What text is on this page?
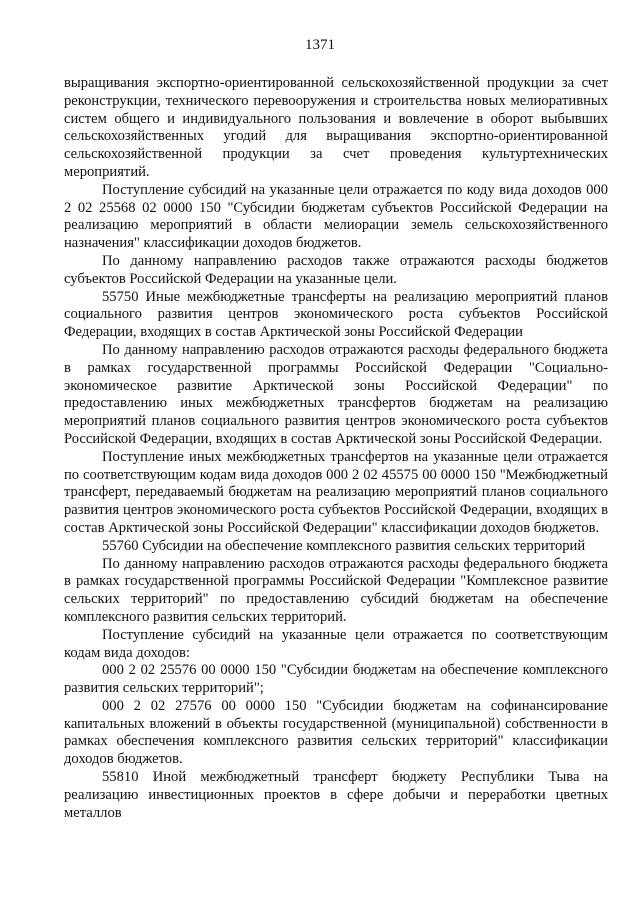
1371

выращивания экспортно-ориентированной сельскохозяйственной продукции за счет реконструкции, технического перевооружения и строительства новых мелиоративных систем общего и индивидуального пользования и вовлечение в оборот выбывших сельскохозяйственных угодий для выращивания экспортно-ориентированной сельскохозяйственной продукции за счет проведения культуртехнических мероприятий.

Поступление субсидий на указанные цели отражается по коду вида доходов 000 2 02 25568 02 0000 150 "Субсидии бюджетам субъектов Российской Федерации на реализацию мероприятий в области мелиорации земель сельскохозяйственного назначения" классификации доходов бюджетов.

По данному направлению расходов также отражаются расходы бюджетов субъектов Российской Федерации на указанные цели.

55750 Иные межбюджетные трансферты на реализацию мероприятий планов социального развития центров экономического роста субъектов Российской Федерации, входящих в состав Арктической зоны Российской Федерации

По данному направлению расходов отражаются расходы федерального бюджета в рамках государственной программы Российской Федерации "Социально-экономическое развитие Арктической зоны Российской Федерации" по предоставлению иных межбюджетных трансфертов бюджетам на реализацию мероприятий планов социального развития центров экономического роста субъектов Российской Федерации, входящих в состав Арктической зоны Российской Федерации.

Поступление иных межбюджетных трансфертов на указанные цели отражается по соответствующим кодам вида доходов 000 2 02 45575 00 0000 150 "Межбюджетный трансферт, передаваемый бюджетам на реализацию мероприятий планов социального развития центров экономического роста субъектов Российской Федерации, входящих в состав Арктической зоны Российской Федерации" классификации доходов бюджетов.

55760 Субсидии на обеспечение комплексного развития сельских территорий

По данному направлению расходов отражаются расходы федерального бюджета в рамках государственной программы Российской Федерации "Комплексное развитие сельских территорий" по предоставлению субсидий бюджетам на обеспечение комплексного развития сельских территорий.

Поступление субсидий на указанные цели отражается по соответствующим кодам вида доходов:

000 2 02 25576 00 0000 150 "Субсидии бюджетам на обеспечение комплексного развития сельских территорий";

000 2 02 27576 00 0000 150 "Субсидии бюджетам на софинансирование капитальных вложений в объекты государственной (муниципальной) собственности в рамках обеспечения комплексного развития сельских территорий" классификации доходов бюджетов.

55810 Иной межбюджетный трансферт бюджету Республики Тыва на реализацию инвестиционных проектов в сфере добычи и переработки цветных металлов
